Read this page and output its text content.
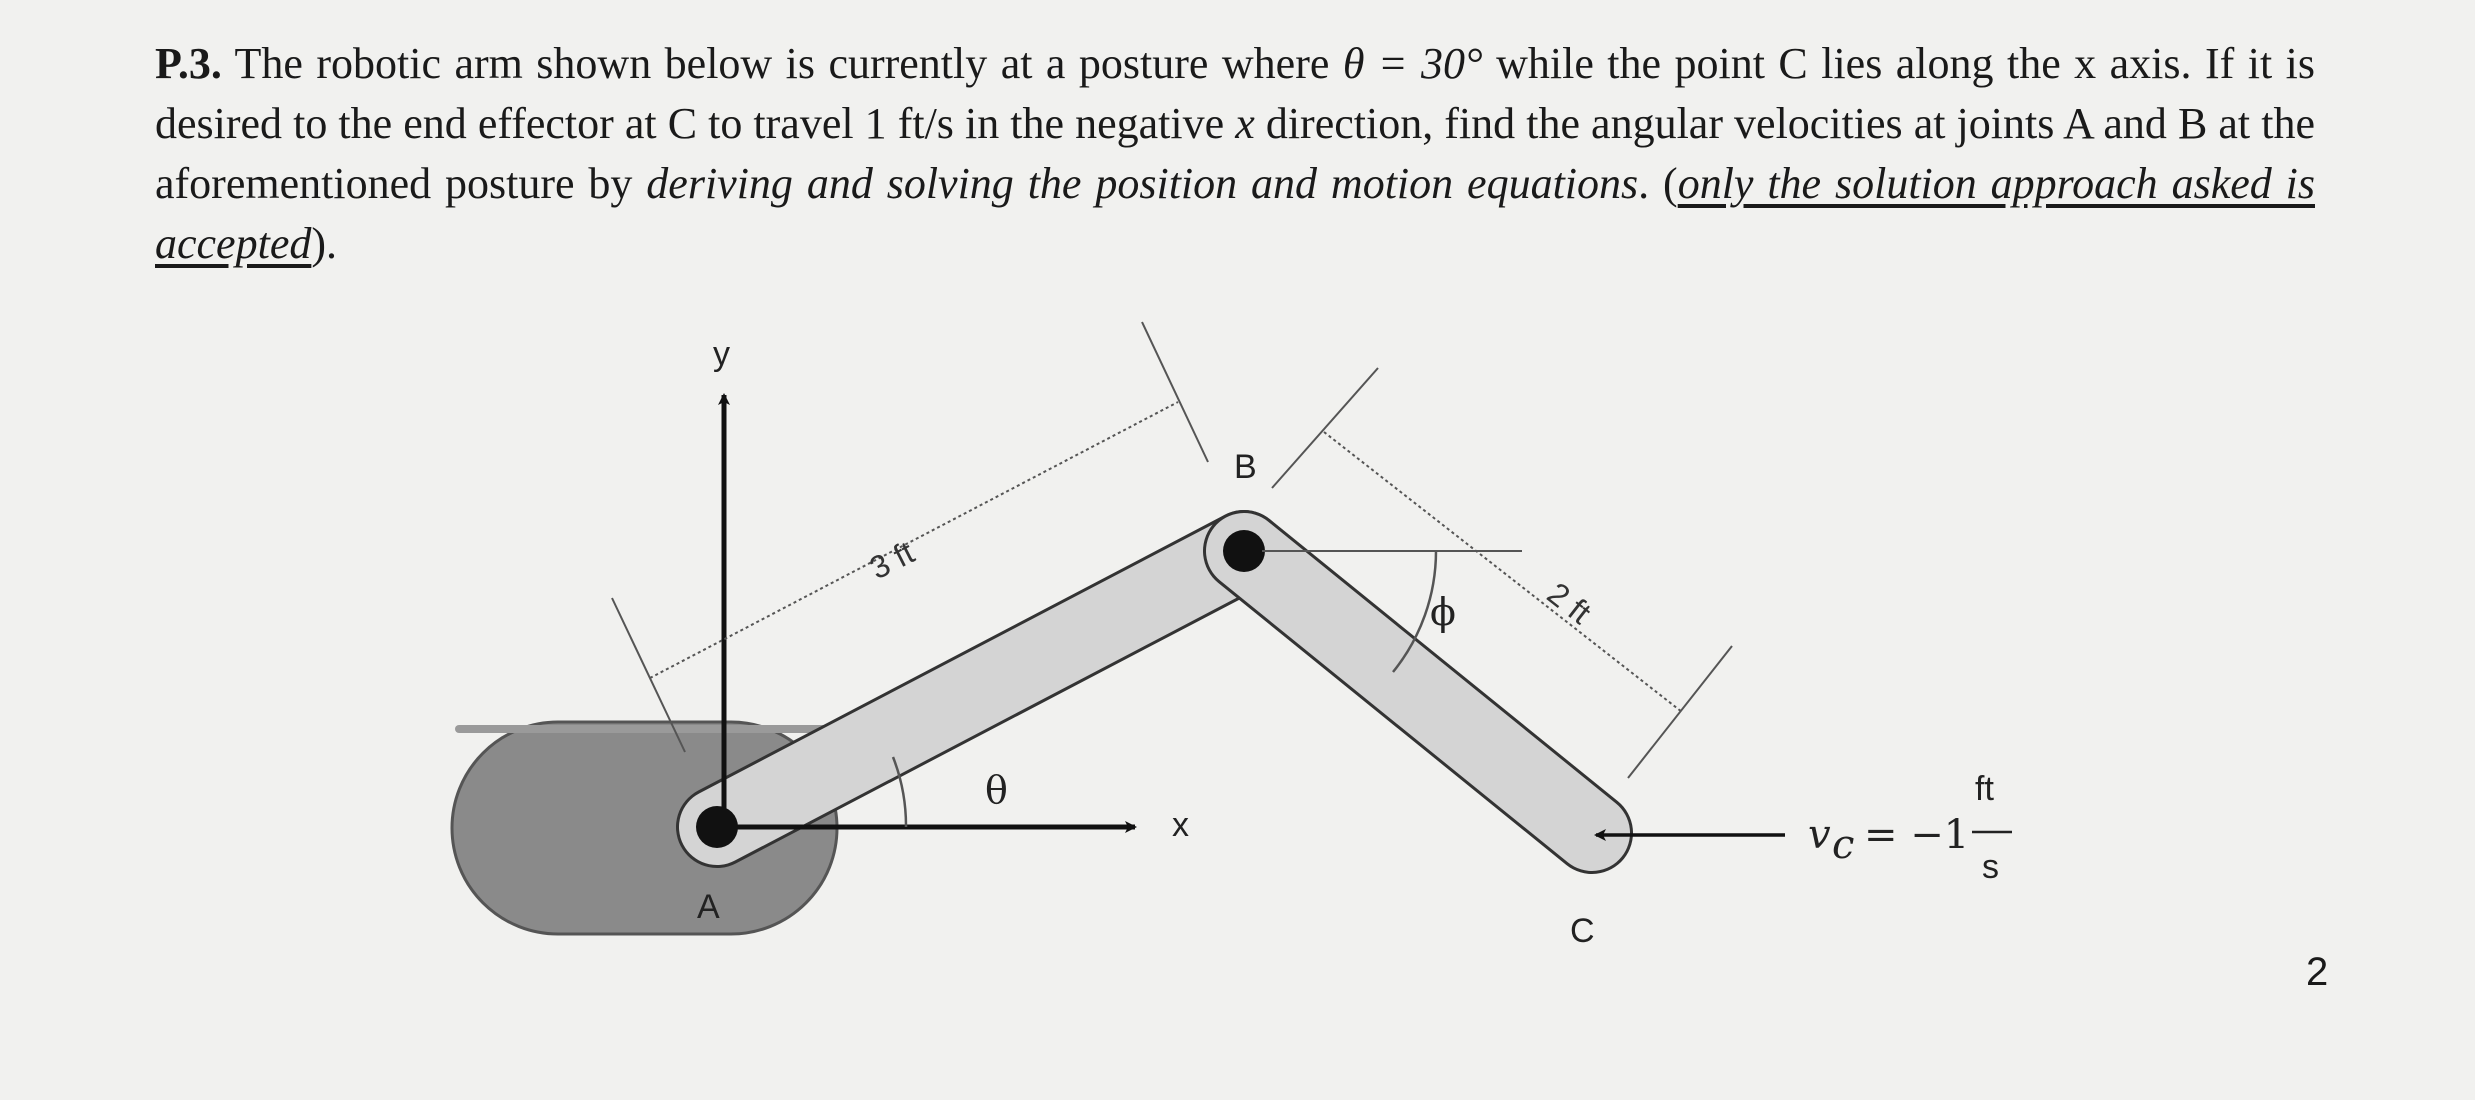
P.3. The robotic arm shown below is currently at a posture where θ = 30° while the point C lies along the x axis. If it is desired to the end effector at C to travel 1 ft/s in the negative x direction, find the angular velocities at joints A and B at the aforementioned posture by deriving and solving the position and motion equations. (only the solution approach asked is accepted).
y
x
A
B
C
θ
ϕ
3 ft
2 ft
v c = −1
ft
s
2
